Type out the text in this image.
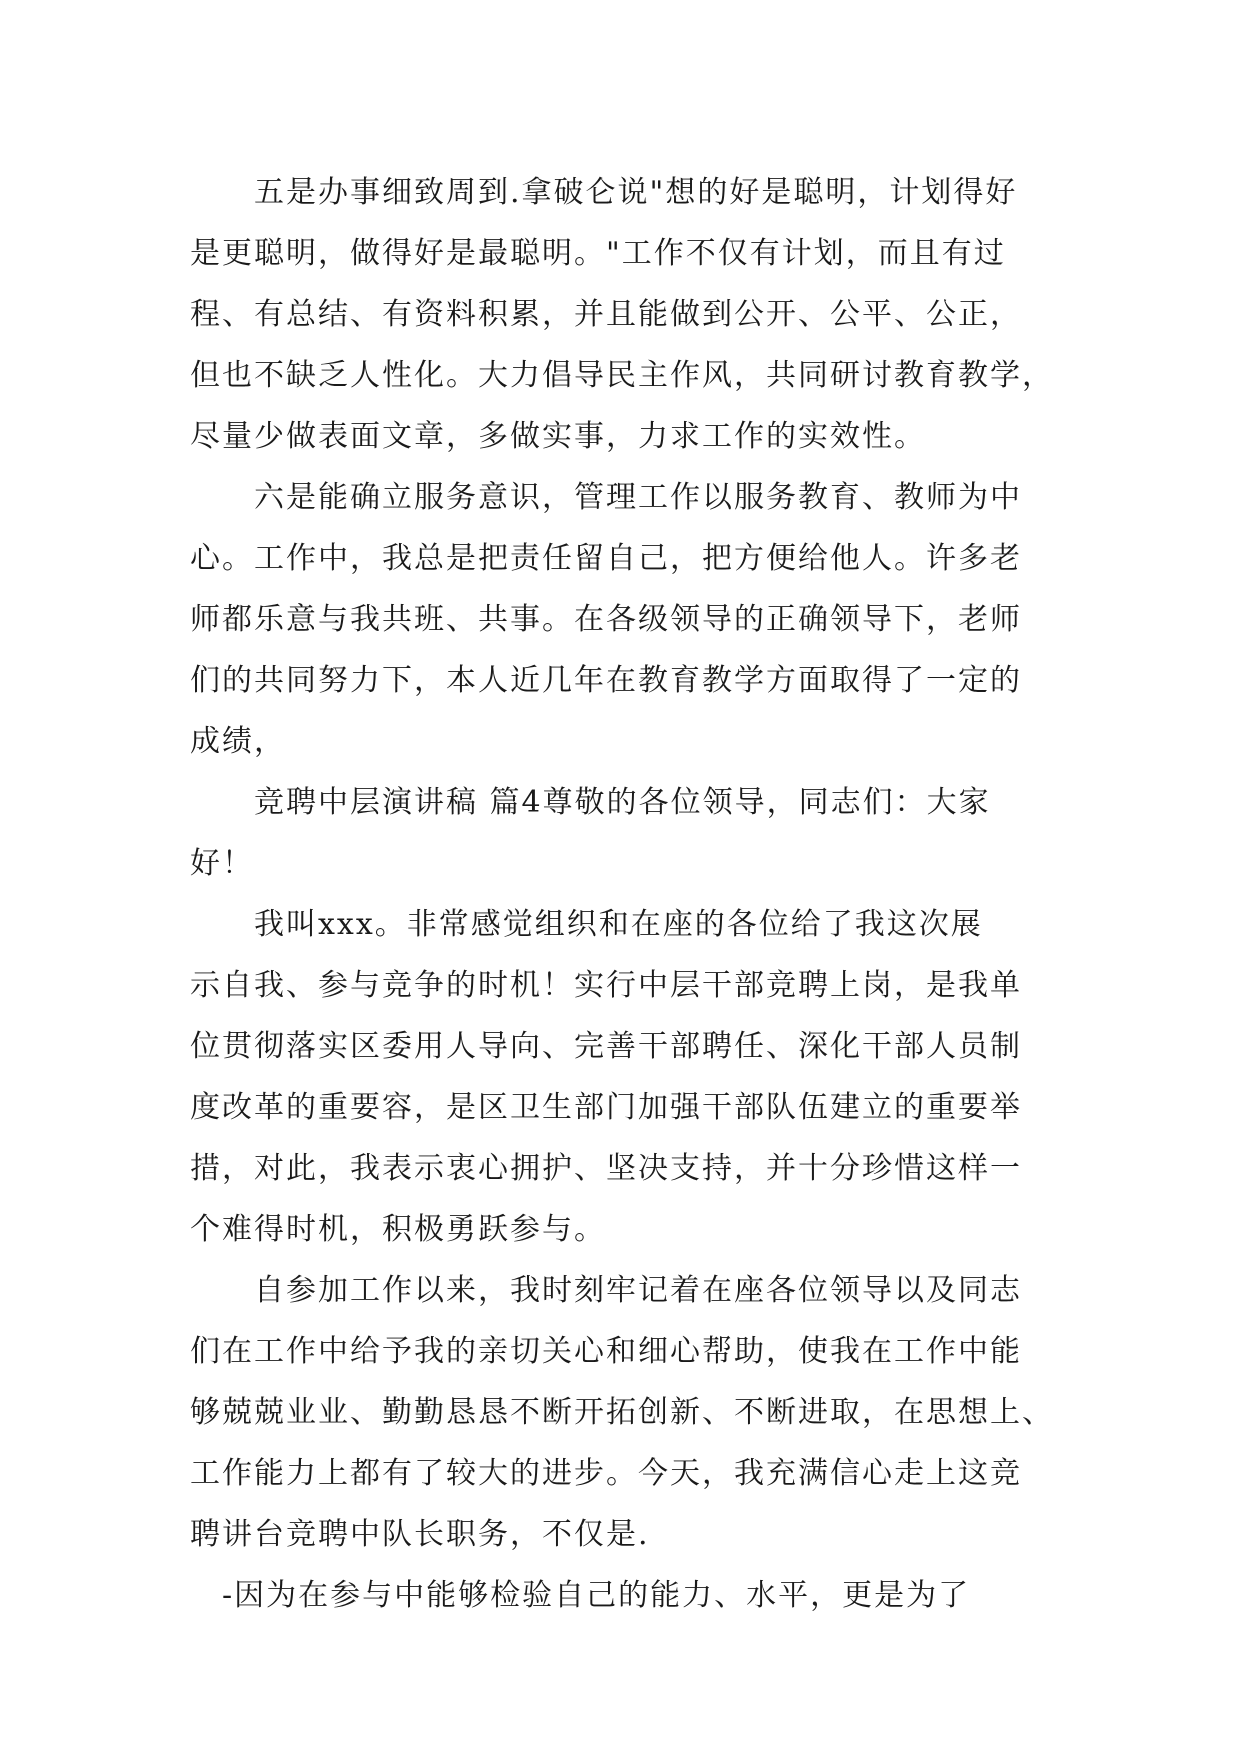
　　五是办事细致周到.拿破仑说"想的好是聪明，计划得好
是更聪明，做得好是最聪明。"工作不仅有计划，而且有过
程、有总结、有资料积累，并且能做到公开、公平、公正，
但也不缺乏人性化。大力倡导民主作风，共同研讨教育教学，
尽量少做表面文章，多做实事，力求工作的实效性。

　　六是能确立服务意识，管理工作以服务教育、教师为中
心。工作中，我总是把责任留自己，把方便给他人。许多老
师都乐意与我共班、共事。在各级领导的正确领导下，老师
们的共同努力下，本人近几年在教育教学方面取得了一定的
成绩，

　　竞聘中层演讲稿 篇4尊敬的各位领导，同志们：大家
好！

　　我叫xxx。非常感觉组织和在座的各位给了我这次展
示自我、参与竞争的时机！实行中层干部竞聘上岗，是我单
位贯彻落实区委用人导向、完善干部聘任、深化干部人员制
度改革的重要容，是区卫生部门加强干部队伍建立的重要举
措，对此，我表示衷心拥护、坚决支持，并十分珍惜这样一
个难得时机，积极勇跃参与。

　　自参加工作以来，我时刻牢记着在座各位领导以及同志
们在工作中给予我的亲切关心和细心帮助，使我在工作中能
够兢兢业业、勤勤恳恳不断开拓创新、不断进取，在思想上、
工作能力上都有了较大的进步。今天，我充满信心走上这竞
聘讲台竞聘中队长职务，不仅是.

　-因为在参与中能够检验自己的能力、水平，更是为了
